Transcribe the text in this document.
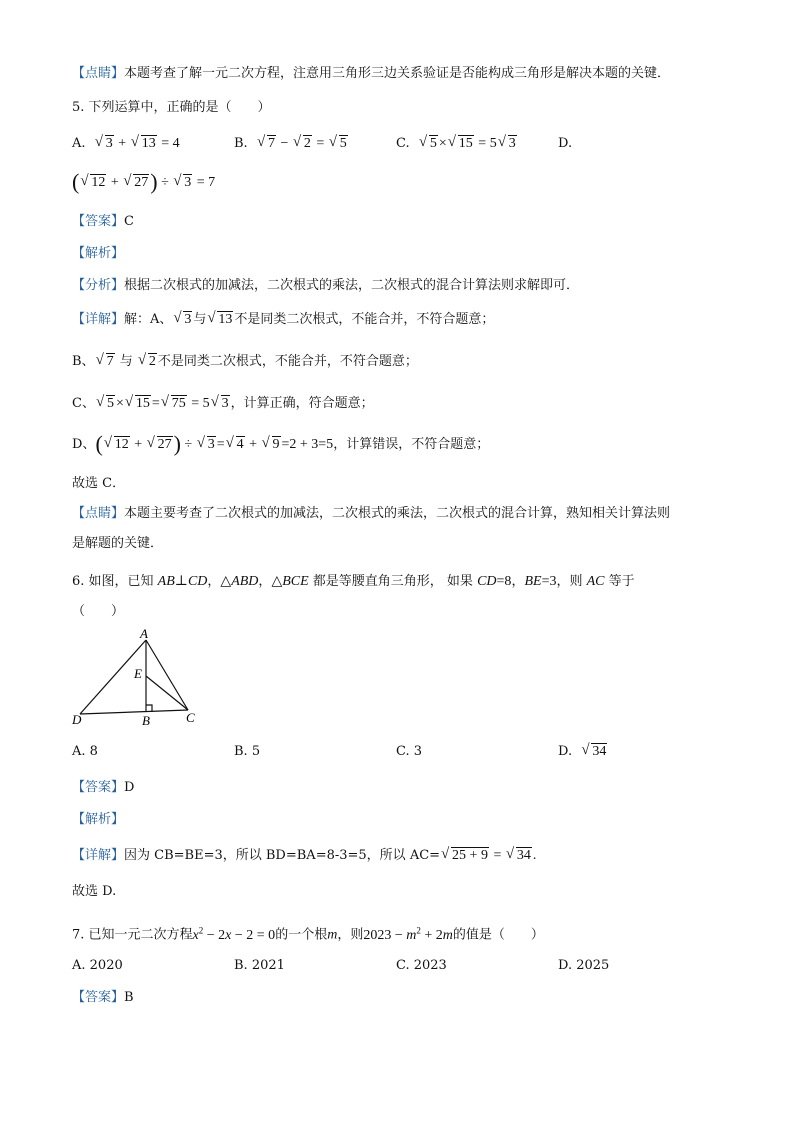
【点睛】本题考查了解一元二次方程，注意用三角形三边关系验证是否能构成三角形是解决本题的关键．
5. 下列运算中，正确的是（　　）
A. √ 3 + √ 13 = 4	B. √ 7 − √ 2 = √ 5	C. √ 5 × √ 15 = 5 √ 3	D.
( √ 12 + √ 27) ÷ √ 3 = 7
【答案】C
【解析】
【分析】根据二次根式的加减法，二次根式的乘法，二次根式的混合计算法则求解即可．
【详解】解：A、 √ 3 与 √ 13 不是同类二次根式，不能合并，不符合题意；
B、 √ 7 与 √ 2 不是同类二次根式，不能合并，不符合题意；
C、 √ 5 × √ 15 = √ 75 = 5 √ 3 ，计算正确，符合题意；
D、( √ 12 + √ 27) ÷ √ 3 = √ 4 + √ 9 =2 + 3=5，计算错误，不符合题意；
故选 C．
【点睛】本题主要考查了二次根式的加减法，二次根式的乘法，二次根式的混合计算，熟知相关计算法则
是解题的关键．
6. 如图，已知 AB⊥CD，△ABD，△BCE 都是等腰直角三角形， 如果 CD=8，BE=3，则 AC 等于
（　　）
A
E
D	B	C
A. 8	B. 5	C. 3	D. √ 34
【答案】D
【解析】
【详解】因为 CB=BE=3，所以 BD=BA=8-3=5，所以 AC= √ 25 + 9 = √ 34 .
故选 D.
7. 已知一元二次方程$x^2 - 2x - 2 = 0$的一个根m，则$2023 - m^2 + 2m$的值是（　　）
A. 2020	B. 2021	C. 2023	D. 2025
【答案】B
